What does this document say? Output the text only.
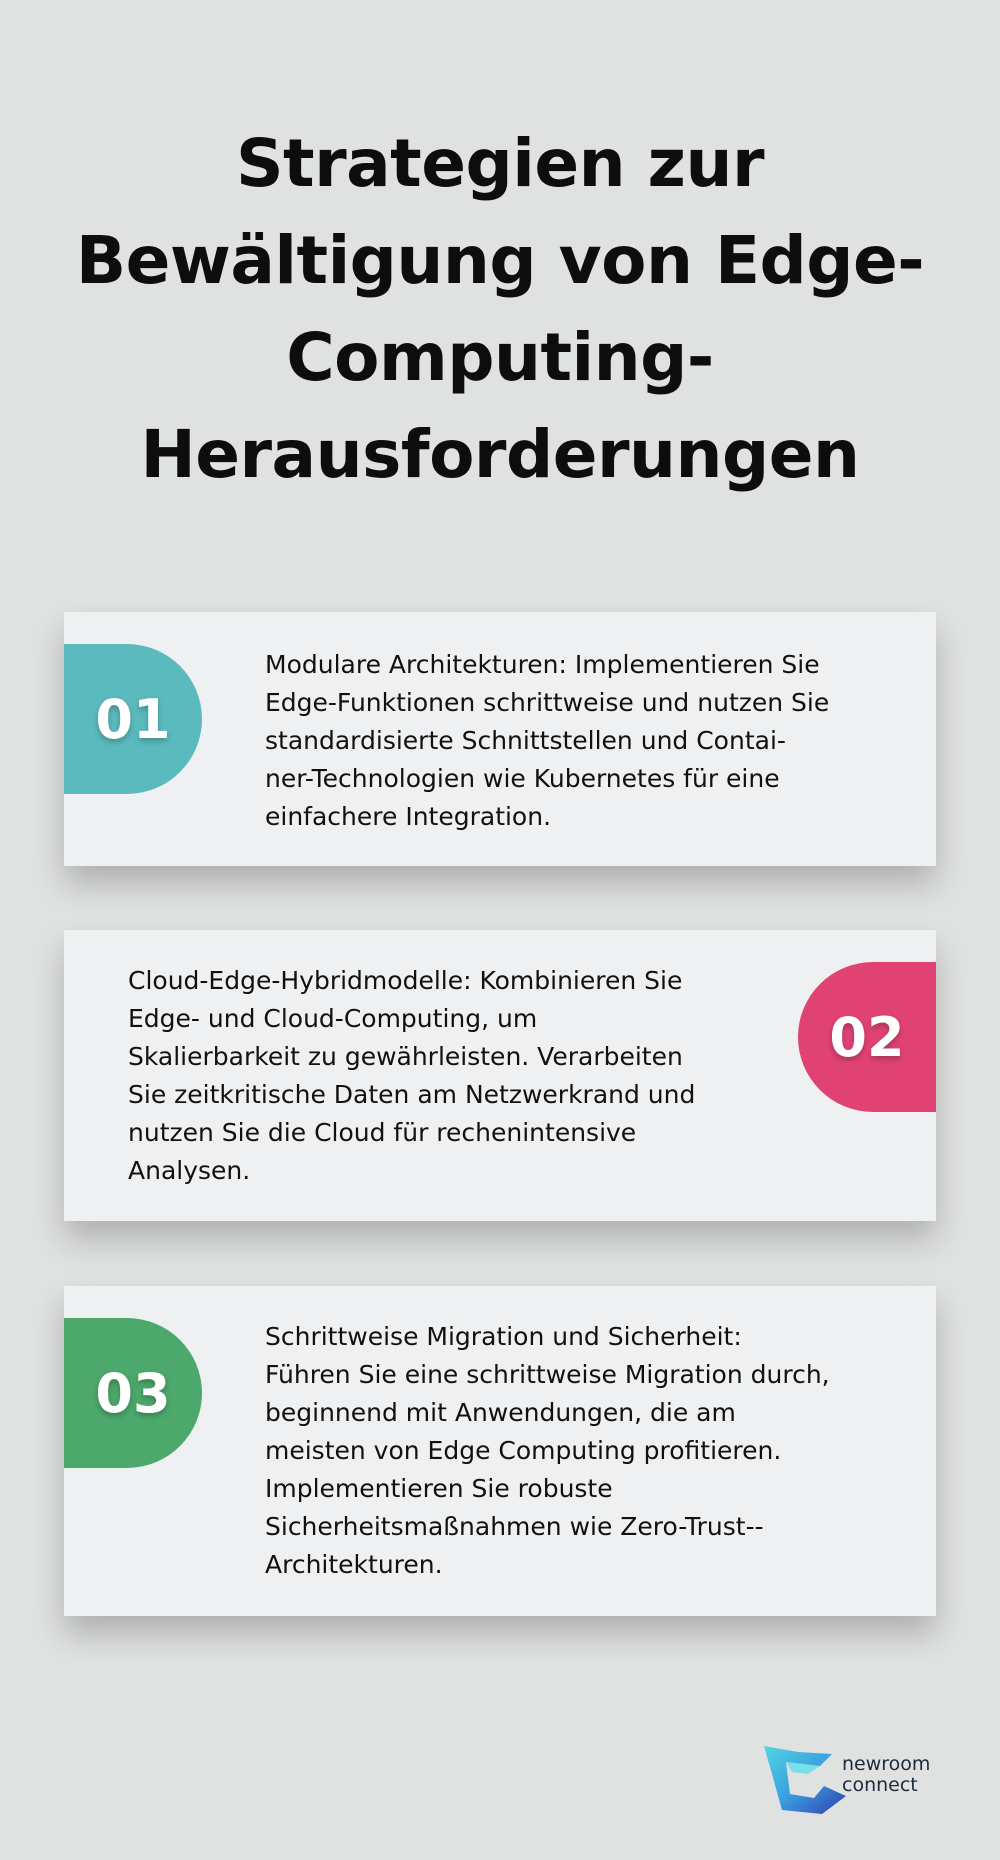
Strategien zur
Bewältigung von Edge-
Computing-
Herausforderungen
01

Modulare Architekturen: Implementieren Sie
Edge-Funktionen schrittweise und nutzen Sie
standardisierte Schnittstellen und Contai-
ner-Technologien wie Kubernetes für eine
einfachere Integration.

Cloud-Edge-Hybridmodelle: Kombinieren Sie
Edge- und Cloud-Computing, um
Skalierbarkeit zu gewährleisten. Verarbeiten
Sie zeitkritische Daten am Netzwerkrand und
nutzen Sie die Cloud für rechenintensive
Analysen.

02
03

Schrittweise Migration und Sicherheit:
Führen Sie eine schrittweise Migration durch,
beginnend mit Anwendungen, die am
meisten von Edge Computing profitieren.
Implementieren Sie robuste
Sicherheitsmaßnahmen wie Zero-Trust--
Architekturen.

newroom
connect
